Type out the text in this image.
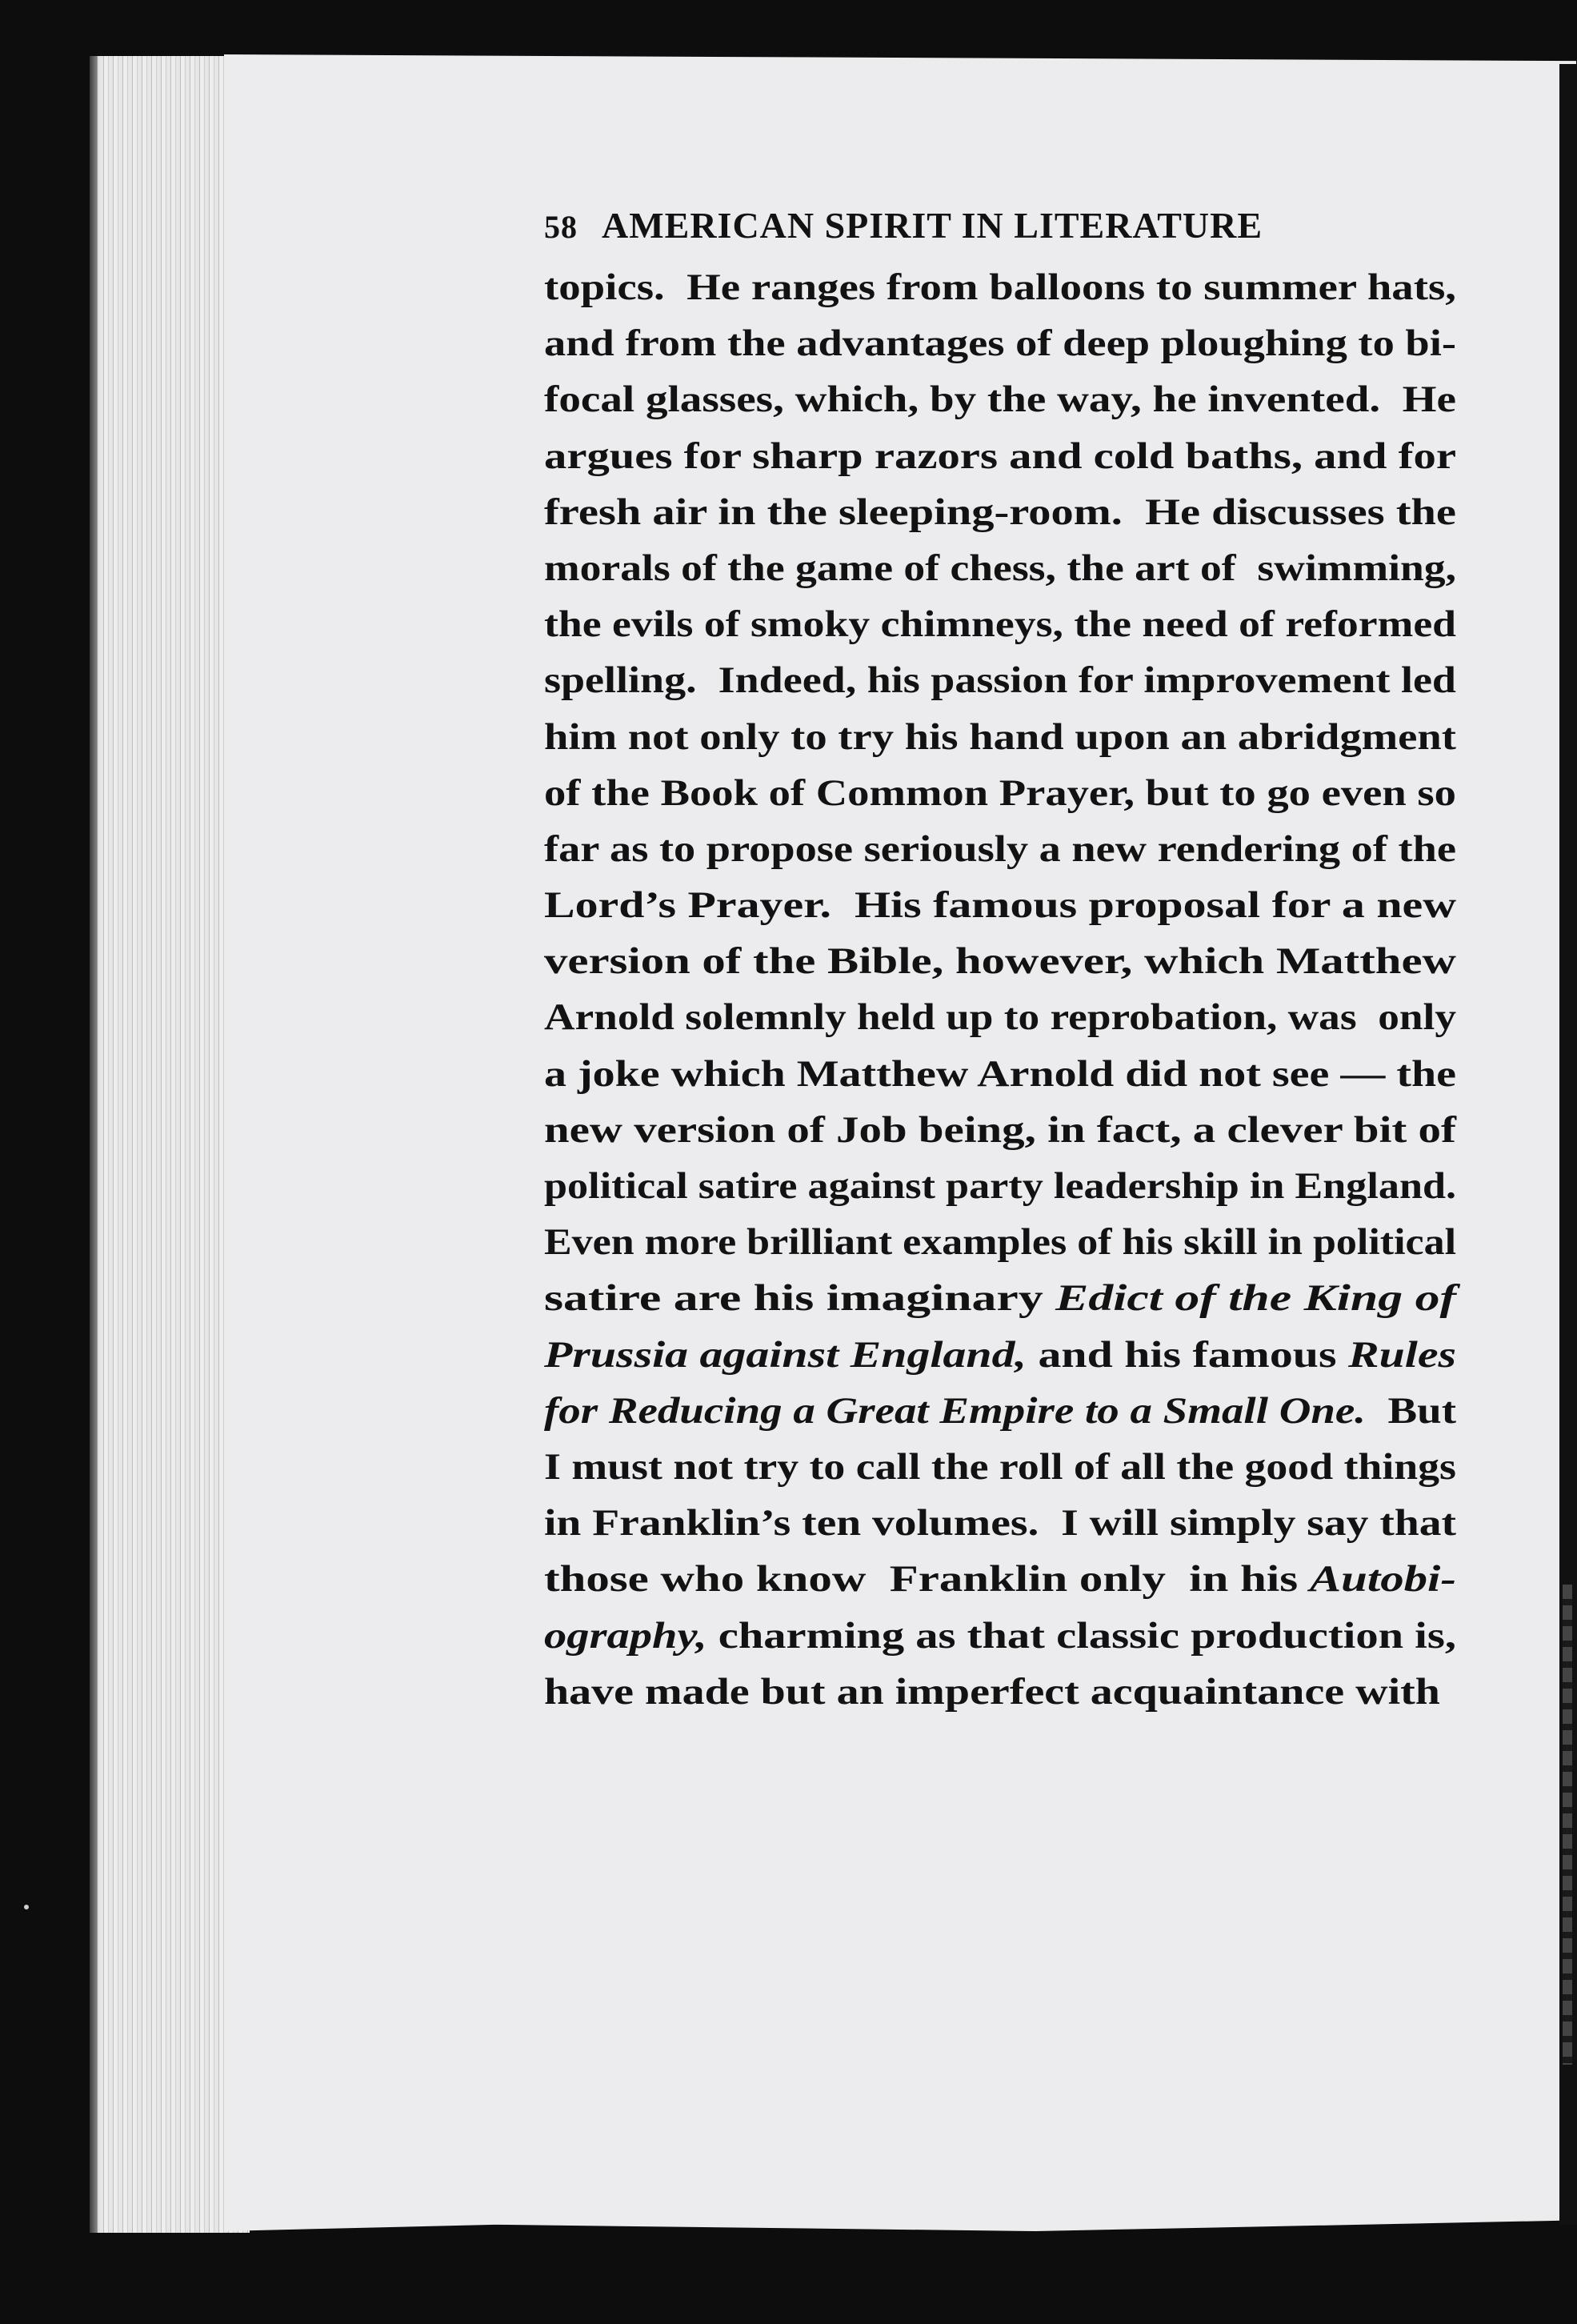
58 AMERICAN SPIRIT IN LITERATURE
topics.  He ranges from balloons to summer hats,
and from the advantages of deep ploughing to bi-
focal glasses, which, by the way, he invented.  He
argues for sharp razors and cold baths, and for
fresh air in the sleeping-room.  He discusses the
morals of the game of chess, the art of  swimming,
the evils of smoky chimneys, the need of reformed
spelling.  Indeed, his passion for improvement led
him not only to try his hand upon an abridgment
of the Book of Common Prayer, but to go even so
far as to propose seriously a new rendering of the
Lord’s Prayer.  His famous proposal for a new
version of the Bible, however, which Matthew
Arnold solemnly held up to reprobation, was  only
a joke which Matthew Arnold did not see — the
new version of Job being, in fact, a clever bit of
political satire against party leadership in England.
Even more brilliant examples of his skill in political
satire are his imaginary Edict of the King of
Prussia against England, and his famous Rules
for Reducing a Great Empire to a Small One.  But
I must not try to call the roll of all the good things
in Franklin’s ten volumes.  I will simply say that
those who know  Franklin only  in his Autobi-
ography, charming as that classic production is,
have made but an imperfect acquaintance with
